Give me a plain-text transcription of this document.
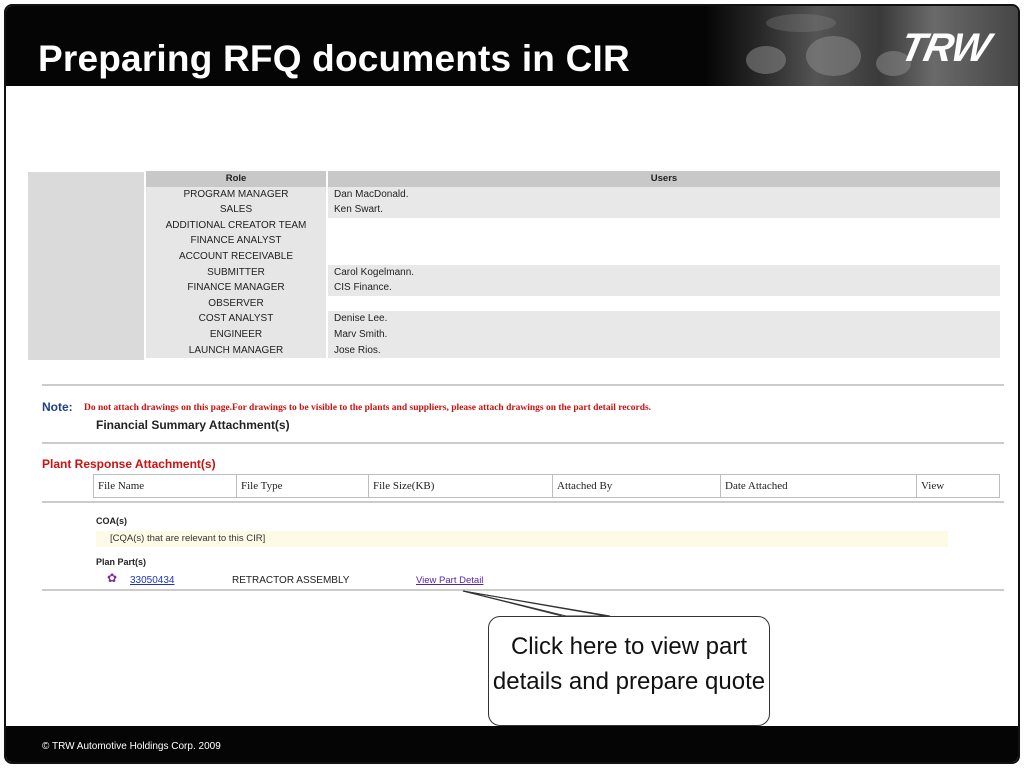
Preparing RFQ documents in CIR	TRW
Role	Users
PROGRAM MANAGER	Dan MacDonald.
SALES	Ken Swart.
ADDITIONAL CREATOR TEAM
FINANCE ANALYST
ACCOUNT RECEIVABLE
SUBMITTER	Carol Kogelmann.
FINANCE MANAGER	CIS Finance.
OBSERVER
COST ANALYST	Denise Lee.
ENGINEER	Marv Smith.
LAUNCH MANAGER	Jose Rios.
Note: Do not attach drawings on this page.For drawings to be visible to the plants and suppliers, please attach drawings on the part detail records.
Financial Summary Attachment(s)
Plant Response Attachment(s)
File Name	File Type	File Size(KB)	Attached By	Date Attached	View
COA(s)
[CQA(s) that are relevant to this CIR]
Plan Part(s)
✿ 33050434	RETRACTOR ASSEMBLY	View Part Detail
Click here to view part details and prepare quote
© TRW Automotive Holdings Corp. 2009
